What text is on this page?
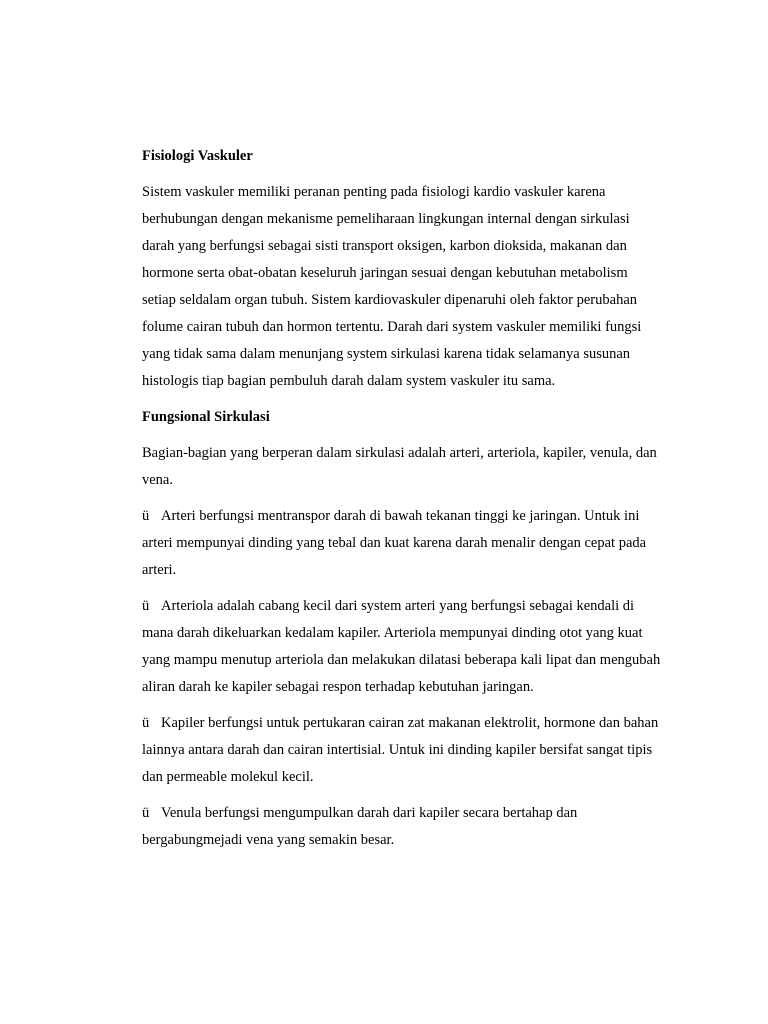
Fisiologi Vaskuler

Sistem vaskuler memiliki peranan penting pada fisiologi kardio vaskuler karena berhubungan dengan mekanisme pemeliharaan lingkungan internal dengan sirkulasi darah yang berfungsi sebagai sisti transport oksigen, karbon dioksida, makanan dan hormone serta obat-obatan keseluruh jaringan sesuai dengan kebutuhan metabolism setiap seldalam organ tubuh. Sistem kardiovaskuler dipenaruhi oleh faktor perubahan folume cairan tubuh dan hormon tertentu. Darah dari system vaskuler memiliki fungsi yang tidak sama dalam menunjang system sirkulasi karena tidak selamanya susunan histologis tiap bagian pembuluh darah dalam system vaskuler itu sama.

Fungsional Sirkulasi

Bagian-bagian yang berperan dalam sirkulasi adalah arteri, arteriola, kapiler, venula, dan vena.

ü Arteri berfungsi mentranspor darah di bawah tekanan tinggi ke jaringan. Untuk ini arteri mempunyai dinding yang tebal dan kuat karena darah menalir dengan cepat pada arteri.

ü Arteriola adalah cabang kecil dari system arteri yang berfungsi sebagai kendali di mana darah dikeluarkan kedalam kapiler. Arteriola mempunyai dinding otot yang kuat yang mampu menutup arteriola dan melakukan dilatasi beberapa kali lipat dan mengubah aliran darah ke kapiler sebagai respon terhadap kebutuhan jaringan.

ü Kapiler berfungsi untuk pertukaran cairan zat makanan elektrolit, hormone dan bahan lainnya antara darah dan cairan intertisial. Untuk ini dinding kapiler bersifat sangat tipis dan permeable molekul kecil.

ü Venula berfungsi mengumpulkan darah dari kapiler secara bertahap dan bergabungmejadi vena yang semakin besar.
